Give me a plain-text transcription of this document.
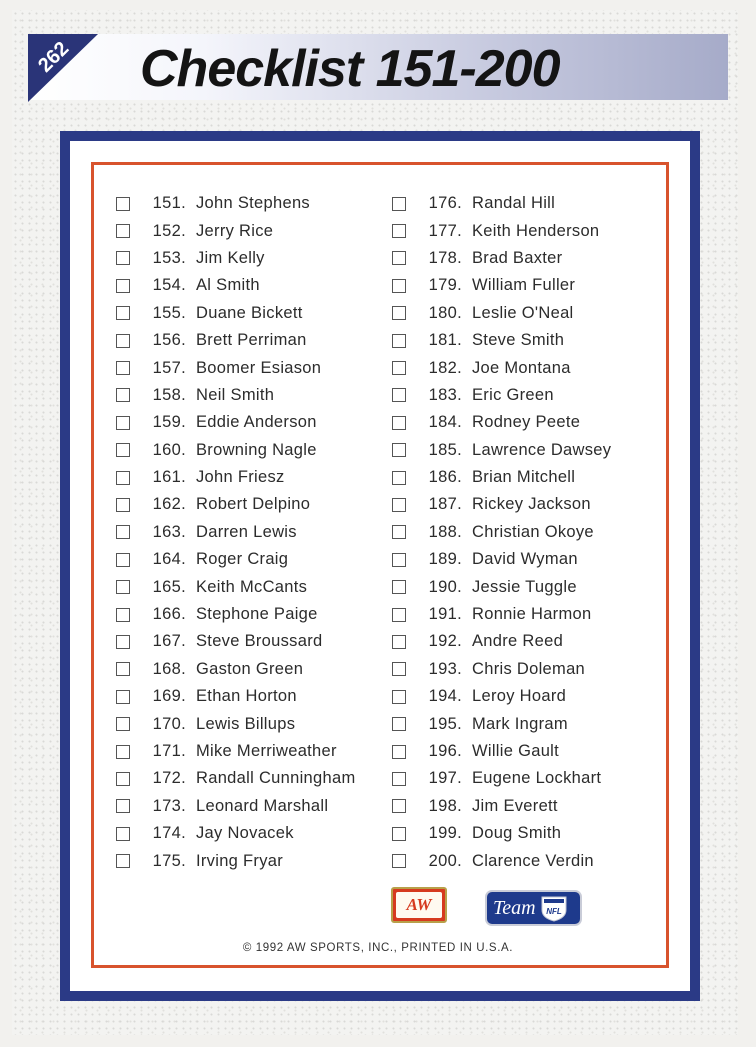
262 Checklist 151-200
151. John Stephens
152. Jerry Rice
153. Jim Kelly
154. Al Smith
155. Duane Bickett
156. Brett Perriman
157. Boomer Esiason
158. Neil Smith
159. Eddie Anderson
160. Browning Nagle
161. John Friesz
162. Robert Delpino
163. Darren Lewis
164. Roger Craig
165. Keith McCants
166. Stephone Paige
167. Steve Broussard
168. Gaston Green
169. Ethan Horton
170. Lewis Billups
171. Mike Merriweather
172. Randall Cunningham
173. Leonard Marshall
174. Jay Novacek
175. Irving Fryar
176. Randal Hill
177. Keith Henderson
178. Brad Baxter
179. William Fuller
180. Leslie O'Neal
181. Steve Smith
182. Joe Montana
183. Eric Green
184. Rodney Peete
185. Lawrence Dawsey
186. Brian Mitchell
187. Rickey Jackson
188. Christian Okoye
189. David Wyman
190. Jessie Tuggle
191. Ronnie Harmon
192. Andre Reed
193. Chris Doleman
194. Leroy Hoard
195. Mark Ingram
196. Willie Gault
197. Eugene Lockhart
198. Jim Everett
199. Doug Smith
200. Clarence Verdin
AW	Team NFL
© 1992 AW SPORTS, INC., PRINTED IN U.S.A.
